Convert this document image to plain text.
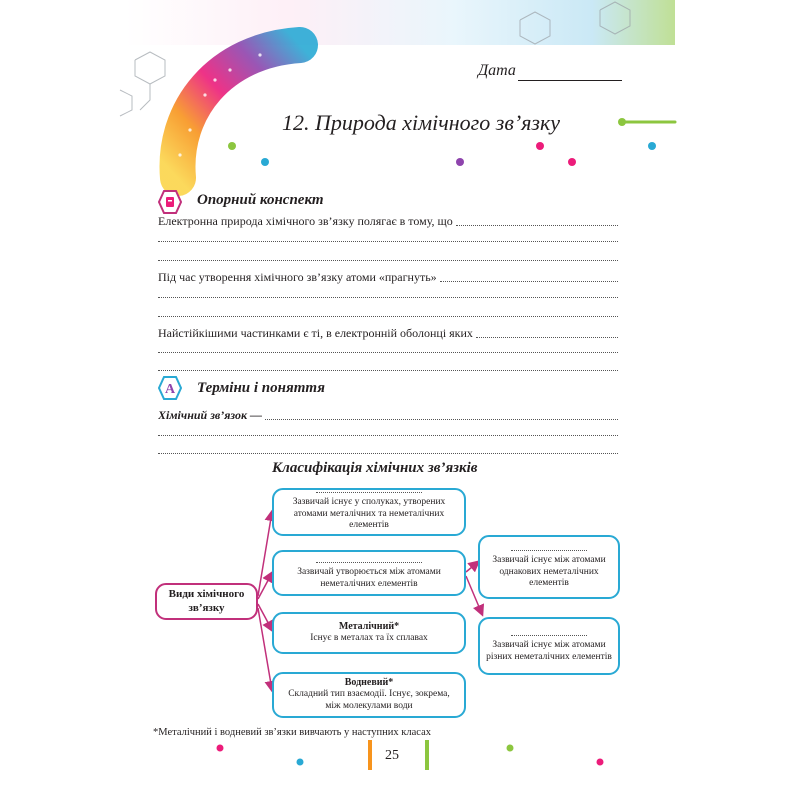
Дата
12. Природа хімічного зв’язку
Опорний конспект
Електронна природа хімічного зв’язку полягає в тому, що
Під час утворення хімічного зв’язку атоми «прагнуть»
Найстійкішими частинками є ті, в електронній оболонці яких
А Терміни і поняття
Хімічний зв’язок —
Класифікація хімічних зв’язків
Види хімічного зв’язку
Зазвичай існує у сполуках, утворених атомами металічних та неметалічних елементів
Зазвичай утворюється між атомами неметалічних елементів
Металічний*
Існує в металах та їх сплавах
Водневий*
Складний тип взаємодії. Існує, зокрема, між молекулами води
Зазвичай існує між атомами однакових неметалічних елементів
Зазвичай існує між атомами різних неметалічних елементів
*Металічний і водневий зв’язки вивчають у наступних класах
25
